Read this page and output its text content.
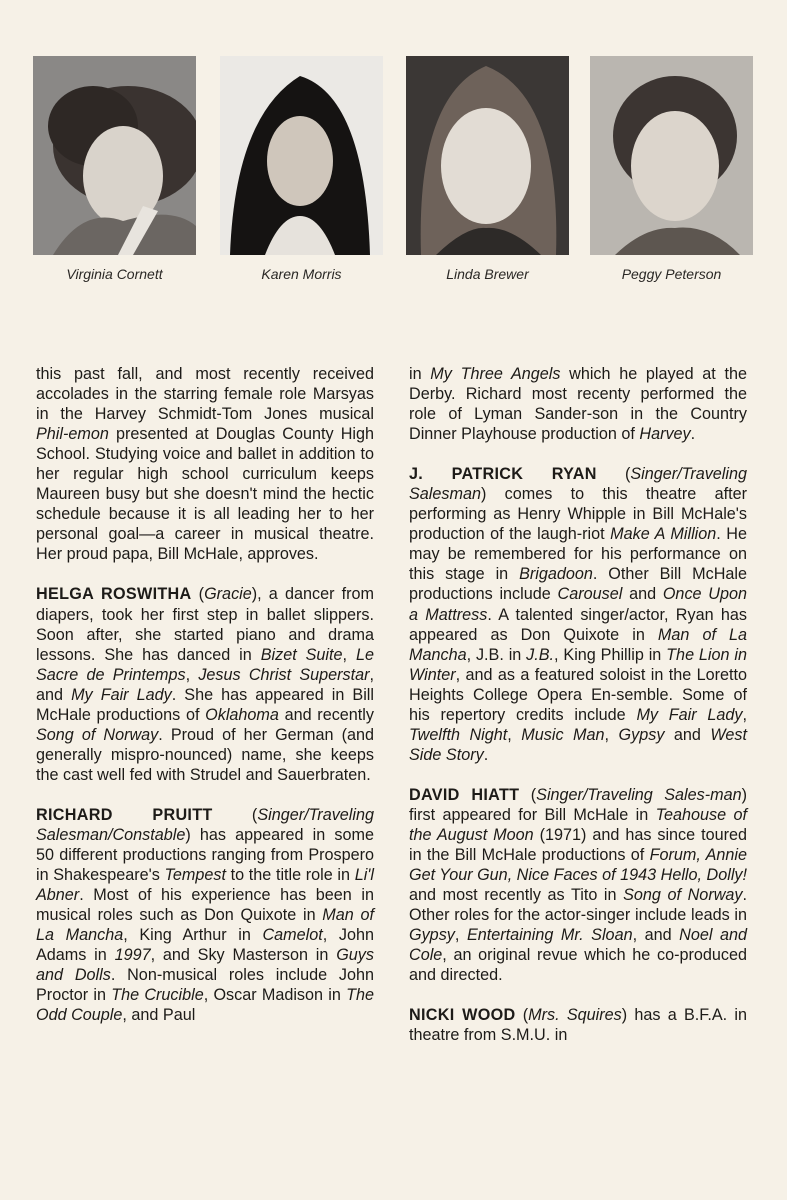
Virginia Cornett	Karen Morris	Linda Brewer	Peggy Peterson

this past fall, and most recently received accolades in the starring female role Marsyas in the Harvey Schmidt-Tom Jones musical Phil-emon presented at Douglas County High School. Studying voice and ballet in addition to her regular high school curriculum keeps Maureen busy but she doesn't mind the hectic schedule because it is all leading her to her personal goal—a career in musical theatre. Her proud papa, Bill McHale, approves.

HELGA ROSWITHA (Gracie), a dancer from diapers, took her first step in ballet slippers. Soon after, she started piano and drama lessons. She has danced in Bizet Suite, Le Sacre de Printemps, Jesus Christ Superstar, and My Fair Lady. She has appeared in Bill McHale productions of Oklahoma and recently Song of Norway. Proud of her German (and generally mispro-nounced) name, she keeps the cast well fed with Strudel and Sauerbraten.

RICHARD PRUITT (Singer/Traveling Salesman/Constable) has appeared in some 50 different productions ranging from Prospero in Shakespeare's Tempest to the title role in Li'l Abner. Most of his experience has been in musical roles such as Don Quixote in Man of La Mancha, King Arthur in Camelot, John Adams in 1997, and Sky Masterson in Guys and Dolls. Non-musical roles include John Proctor in The Crucible, Oscar Madison in The Odd Couple, and Paul

in My Three Angels which he played at the Derby. Richard most recenty performed the role of Lyman Sander-son in the Country Dinner Playhouse production of Harvey.

J. PATRICK RYAN (Singer/Traveling Salesman) comes to this theatre after performing as Henry Whipple in Bill McHale's production of the laugh-riot Make A Million. He may be remembered for his performance on this stage in Brigadoon. Other Bill McHale productions include Carousel and Once Upon a Mattress. A talented singer/actor, Ryan has appeared as Don Quixote in Man of La Mancha, J.B. in J.B., King Phillip in The Lion in Winter, and as a featured soloist in the Loretto Heights College Opera En-semble. Some of his repertory credits include My Fair Lady, Twelfth Night, Music Man, Gypsy and West Side Story.

DAVID HIATT (Singer/Traveling Sales-man) first appeared for Bill McHale in Teahouse of the August Moon (1971) and has since toured in the Bill McHale productions of Forum, Annie Get Your Gun, Nice Faces of 1943 Hello, Dolly! and most recently as Tito in Song of Norway. Other roles for the actor-singer include leads in Gypsy, Entertaining Mr. Sloan, and Noel and Cole, an original revue which he co-produced and directed.

NICKI WOOD (Mrs. Squires) has a B.F.A. in theatre from S.M.U. in
